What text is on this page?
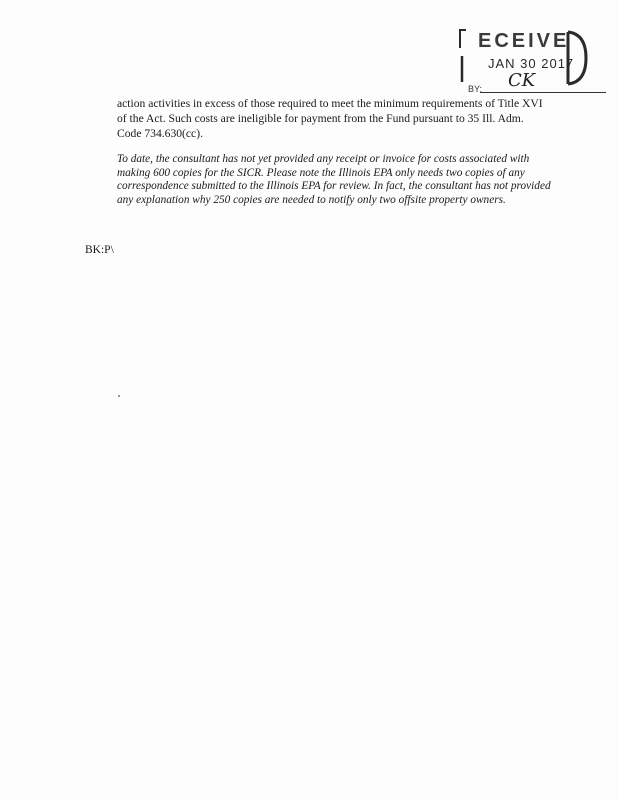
ECEIVE
JAN 30 2017
CK
BY:

action activities in excess of those required to meet the minimum requirements of Title XVI of the Act. Such costs are ineligible for payment from the Fund pursuant to 35 Ill. Adm. Code 734.630(cc).

To date, the consultant has not yet provided any receipt or invoice for costs associated with making 600 copies for the SICR. Please note the Illinois EPA only needs two copies of any correspondence submitted to the Illinois EPA for review. In fact, the consultant has not provided any explanation why 250 copies are needed to notify only two offsite property owners.

BK:P\
